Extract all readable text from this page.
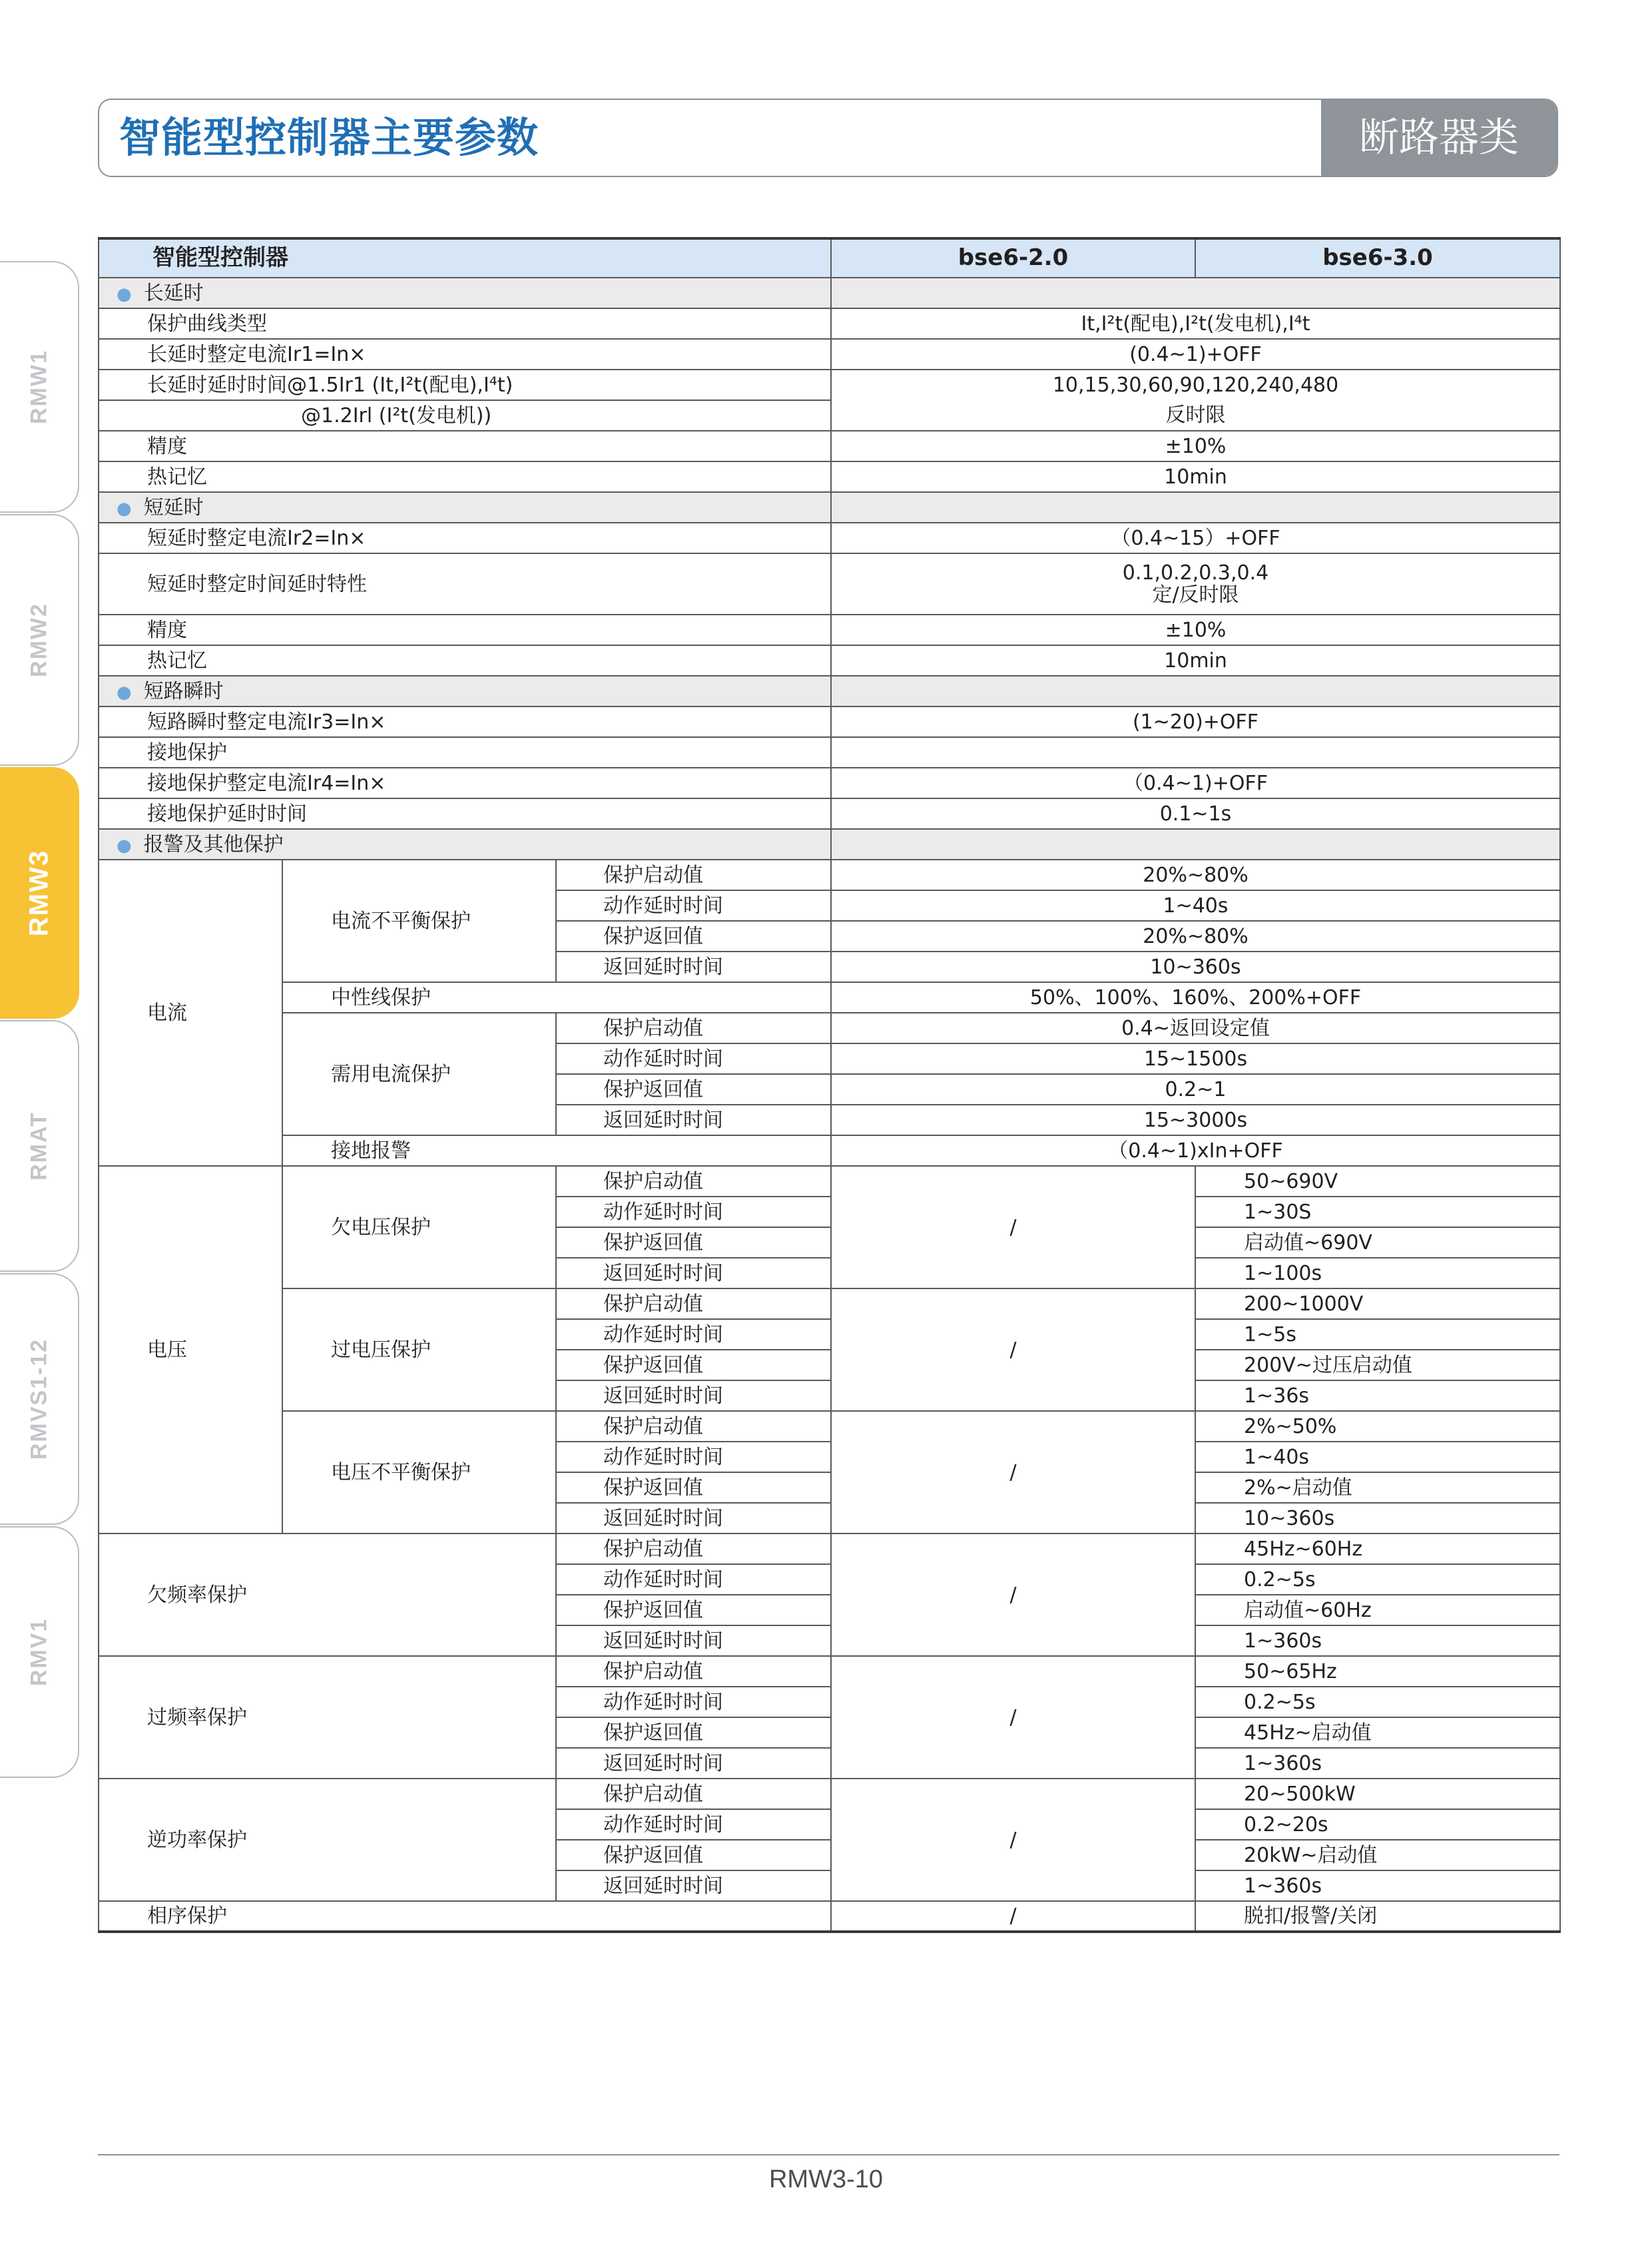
智能型控制器主要参数	断路器类
RMW1
RMW2
RMW3
RMAT
RMVS1-12
RMV1
智能型控制器			bse6-2.0	bse6-3.0
● 长延时				
保护曲线类型			It,I²t(配电),I²t(发电机),I⁴t	
长延时整定电流Ir1=In×			(0.4~1)+OFF	
长延时延时时间@1.5Ir1 (It,I²t(配电),I⁴t)			10,15,30,60,90,120,240,480	
@1.2Irl (I²t(发电机))			反时限	
精度			±10%	
热记忆			10min	
● 短延时				
短延时整定电流Ir2=In×			（0.4~15）+OFF	
短延时整定时间延时特性			0.1,0.2,0.3,0.4
定/反时限	

精度			±10%	
热记忆			10min	
● 短路瞬时				
短路瞬时整定电流Ir3=In×			(1~20)+OFF	
接地保护				
接地保护整定电流Ir4=In×			（0.4~1)+OFF	
接地保护延时时间			0.1~1s	
● 报警及其他保护				
电流	电流不平衡保护	保护启动值	20%~80%	
		动作延时时间	1~40s	
		保护返回值	20%~80%	
		返回延时时间	10~360s	
	中性线保护		50%、100%、160%、200%+OFF	
	需用电流保护	保护启动值	0.4~返回设定值	
		动作延时时间	15~1500s	
		保护返回值	0.2~1	
		返回延时时间	15~3000s	
	接地报警		（0.4~1)xIn+OFF	
电压	欠电压保护	保护启动值	/	50~690V
		动作延时时间		1~30S
		保护返回值		启动值~690V
		返回延时时间		1~100s
	过电压保护	保护启动值	/	200~1000V
		动作延时时间		1~5s
		保护返回值		200V~过压启动值
		返回延时时间		1~36s
	电压不平衡保护	保护启动值	/	2%~50%
		动作延时时间		1~40s
		保护返回值		2%~启动值
		返回延时时间		10~360s
欠频率保护		保护启动值	/	45Hz~60Hz
		动作延时时间		0.2~5s
		保护返回值		启动值~60Hz
		返回延时时间		1~360s
过频率保护		保护启动值	/	50~65Hz
		动作延时时间		0.2~5s
		保护返回值		45Hz~启动值
		返回延时时间		1~360s
逆功率保护		保护启动值	/	20~500kW
		动作延时时间		0.2~20s
		保护返回值		20kW~启动值
		返回延时时间		1~360s
相序保护			/	脱扣/报警/关闭
RMW3-10
